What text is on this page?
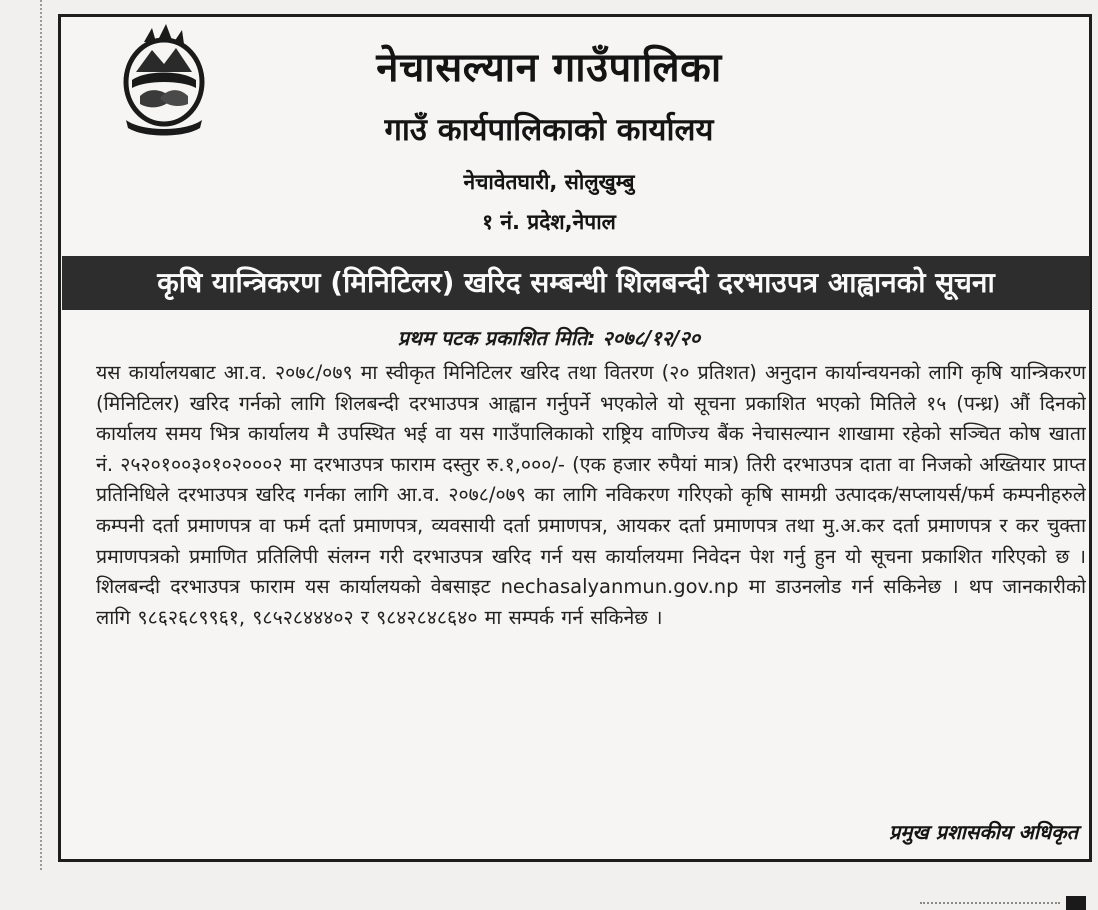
नेचासल्यान गाउँपालिका
गाउँ कार्यपालिकाको कार्यालय
नेचावेतघारी, सोलुखुम्बु
१ नं. प्रदेश,नेपाल
कृषि यान्त्रिकरण (मिनिटिलर) खरिद सम्बन्धी शिलबन्दी दरभाउपत्र आह्वानको सूचना
प्रथम पटक प्रकाशित मिति: २०७८/१२/२०
यस कार्यालयबाट आ.व. २०७८/०७९ मा स्वीकृत मिनिटिलर खरिद तथा वितरण (२० प्रतिशत) अनुदान कार्यान्वयनको लागि कृषि यान्त्रिकरण (मिनिटिलर) खरिद गर्नको लागि शिलबन्दी दरभाउपत्र आह्वान गर्नुपर्ने भएकोले यो सूचना प्रकाशित भएको मितिले १५ (पन्ध्र) औं दिनको कार्यालय समय भित्र कार्यालय मै उपस्थित भई वा यस गाउँपालिकाको राष्ट्रिय वाणिज्य बैंक नेचासल्यान शाखामा रहेको सञ्चित कोष खाता नं. २५२०१००३०१०२०००२ मा दरभाउपत्र फाराम दस्तुर रु.१,०००/- (एक हजार रुपैयां मात्र) तिरी दरभाउपत्र दाता वा निजको अख्तियार प्राप्त प्रतिनिधिले दरभाउपत्र खरिद गर्नका लागि आ.व. २०७८/०७९ का लागि नविकरण गरिएको कृषि सामग्री उत्पादक/सप्लायर्स/फर्म कम्पनीहरुले कम्पनी दर्ता प्रमाणपत्र वा फर्म दर्ता प्रमाणपत्र, व्यवसायी दर्ता प्रमाणपत्र, आयकर दर्ता प्रमाणपत्र तथा मु.अ.कर दर्ता प्रमाणपत्र र कर चुक्ता प्रमाणपत्रको प्रमाणित प्रतिलिपी संलग्न गरी दरभाउपत्र खरिद गर्न यस कार्यालयमा निवेदन पेश गर्नु हुन यो सूचना प्रकाशित गरिएको छ । शिलबन्दी दरभाउपत्र फाराम यस कार्यालयको वेबसाइट nechasalyanmun.gov.np मा डाउनलोड गर्न सकिनेछ । थप जानकारीको लागि ९८६२६८९९६१, ९८५२८४४४०२ र ९८४२८४८६४० मा सम्पर्क गर्न सकिनेछ ।
प्रमुख प्रशासकीय अधिकृत
